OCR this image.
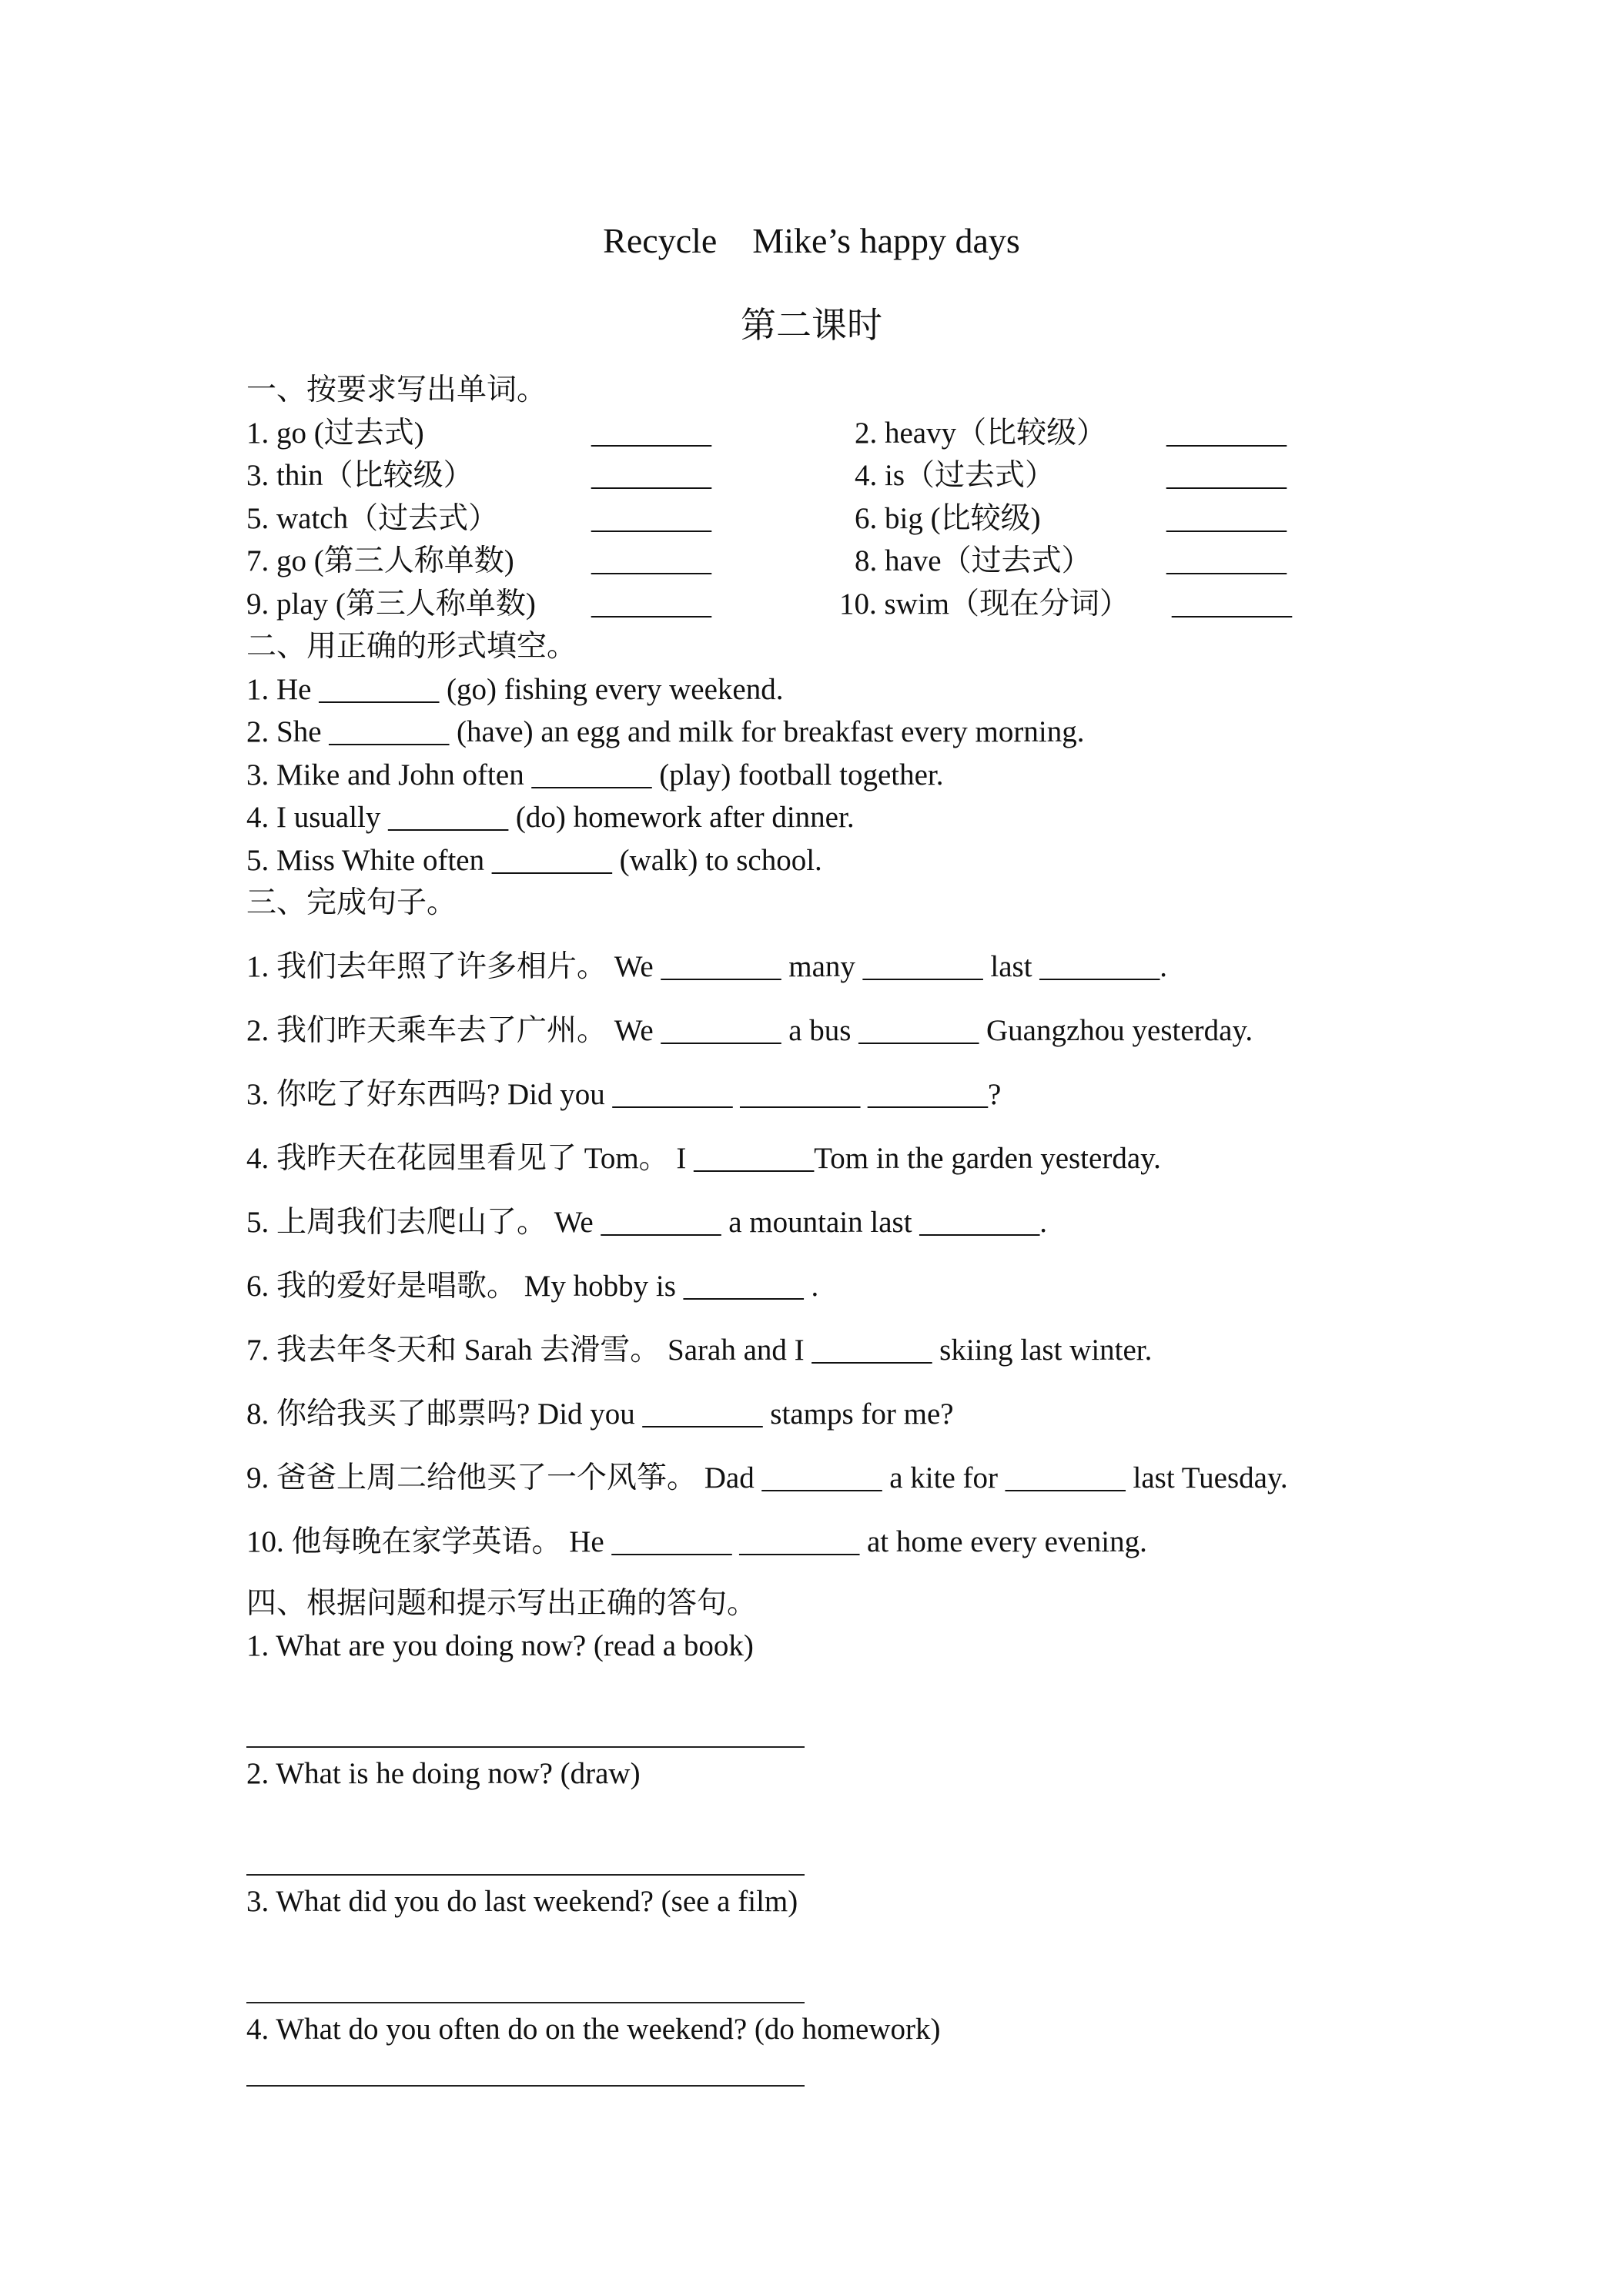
Recycle    Mike’s happy days
第二课时
一、按要求写出单词。
1. go (过去式)	________	2. heavy（比较级） ________
3. thin（比较级）	________	4. is（过去式）	________
5. watch（过去式）	________	6. big (比较级)	________
7. go (第三人称单数)	________	8. have（过去式） ________
9. play (第三人称单数) ________	10. swim（现在分词） ________
二、用正确的形式填空。
1. He ________ (go) fishing every weekend.
2. She ________ (have) an egg and milk for breakfast every morning.
3. Mike and John often ________ (play) football together.
4. I usually ________ (do) homework after dinner.
5. Miss White often ________ (walk) to school.
三、完成句子。
1. 我们去年照了许多相片。 We ________ many ________ last ________.
2. 我们昨天乘车去了广州。 We ________ a bus ________ Guangzhou yesterday.
3. 你吃了好东西吗? Did you ________ ________ ________?
4. 我昨天在花园里看见了 Tom。 I ________Tom in the garden yesterday.
5. 上周我们去爬山了。 We ________ a mountain last ________.
6. 我的爱好是唱歌。 My hobby is ________ .
7. 我去年冬天和 Sarah 去滑雪。 Sarah and I ________ skiing last winter.
8. 你给我买了邮票吗? Did you ________ stamps for me?
9. 爸爸上周二给他买了一个风筝。 Dad ________ a kite for ________ last Tuesday.
10. 他每晚在家学英语。 He ________ ________ at home every evening.
四、根据问题和提示写出正确的答句。
1. What are you doing now? (read a book)
2. What is he doing now? (draw)
3. What did you do last weekend? (see a film)
4. What do you often do on the weekend? (do homework)
